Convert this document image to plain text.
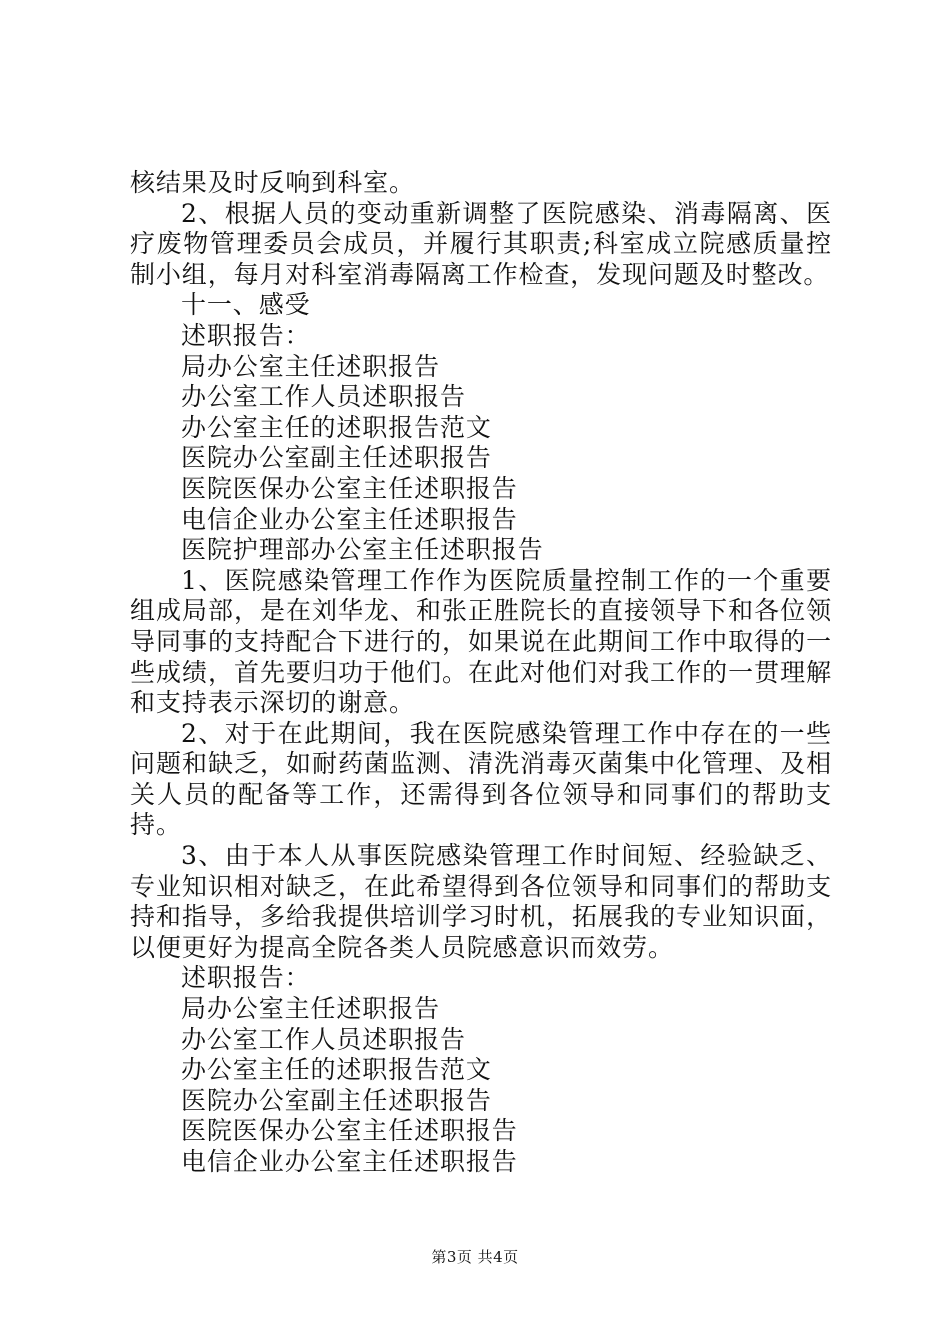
核结果及时反响到科室。

2、根据人员的变动重新调整了医院感染、消毒隔离、医疗废物管理委员会成员，并履行其职责;科室成立院感质量控制小组，每月对科室消毒隔离工作检查，发现问题及时整改。

十一、感受

述职报告：

局办公室主任述职报告

办公室工作人员述职报告

办公室主任的述职报告范文

医院办公室副主任述职报告

医院医保办公室主任述职报告

电信企业办公室主任述职报告

医院护理部办公室主任述职报告

1、医院感染管理工作作为医院质量控制工作的一个重要组成局部，是在刘华龙、和张正胜院长的直接领导下和各位领导同事的支持配合下进行的，如果说在此期间工作中取得的一些成绩，首先要归功于他们。在此对他们对我工作的一贯理解和支持表示深切的谢意。

2、对于在此期间，我在医院感染管理工作中存在的一些问题和缺乏，如耐药菌监测、清洗消毒灭菌集中化管理、及相关人员的配备等工作，还需得到各位领导和同事们的帮助支持。

3、由于本人从事医院感染管理工作时间短、经验缺乏、专业知识相对缺乏，在此希望得到各位领导和同事们的帮助支持和指导，多给我提供培训学习时机，拓展我的专业知识面，以便更好为提高全院各类人员院感意识而效劳。

述职报告：

局办公室主任述职报告

办公室工作人员述职报告

办公室主任的述职报告范文

医院办公室副主任述职报告

医院医保办公室主任述职报告

电信企业办公室主任述职报告

第3页 共4页
